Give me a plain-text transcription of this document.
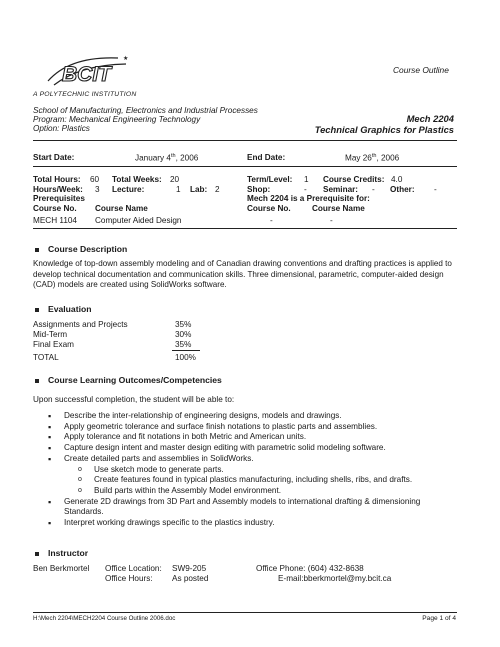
BCIT
★
A POLYTECHNIC INSTITUTION
Course Outline
School of Manufacturing, Electronics and Industrial Processes
Program: Mechanical Engineering Technology
Option: Plastics
Mech 2204
Technical Graphics for Plastics
Start Date:	January 4th, 2006	End Date:	May 26th, 2006
Total Hours: 60 Total Weeks: 20	Term/Level: 1 Course Credits: 4.0
Hours/Week: 3 Lecture:	1 Lab: 2	Shop:	- Seminar: - Other: -
Prerequisites	Mech 2204 is a Prerequisite for:
Course No. Course Name	Course No.	Course Name
MECH 1104 Computer Aided Design	-	-
Course Description
Knowledge of top-down assembly modeling and of Canadian drawing conventions and drafting practices is applied to develop technical documentation and communication skills. Three dimensional, parametric, computer-aided design (CAD) models are created using SolidWorks software.
Evaluation
Assignments and Projects	35%
Mid-Term	30%
Final Exam	35%
TOTAL	100%
Course Learning Outcomes/Competencies
Upon successful completion, the student will be able to:
▪ Describe the inter-relationship of engineering designs, models and drawings.
▪ Apply geometric tolerance and surface finish notations to plastic parts and assemblies.
▪ Apply tolerance and fit notations in both Metric and American units.
▪ Capture design intent and master design editing with parametric solid modeling software.
▪ Create detailed parts and assemblies in SolidWorks.
o Use sketch mode to generate parts.
o Create features found in typical plastics manufacturing, including shells, ribs, and drafts.
o Build parts within the Assembly Model environment.
▪ Generate 2D drawings from 3D Part and Assembly models to international drafting & dimensioning Standards.
▪ Interpret working drawings specific to the plastics industry.
Instructor
Ben Berkmortel Office Location: SW9-205
Office Hours: As posted
Office Phone: (604) 432-8638
E-mail:bberkmortel@my.bcit.ca
H:\Mech 2204\MECH2204 Course Outline 2006.doc	Page 1 of 4
